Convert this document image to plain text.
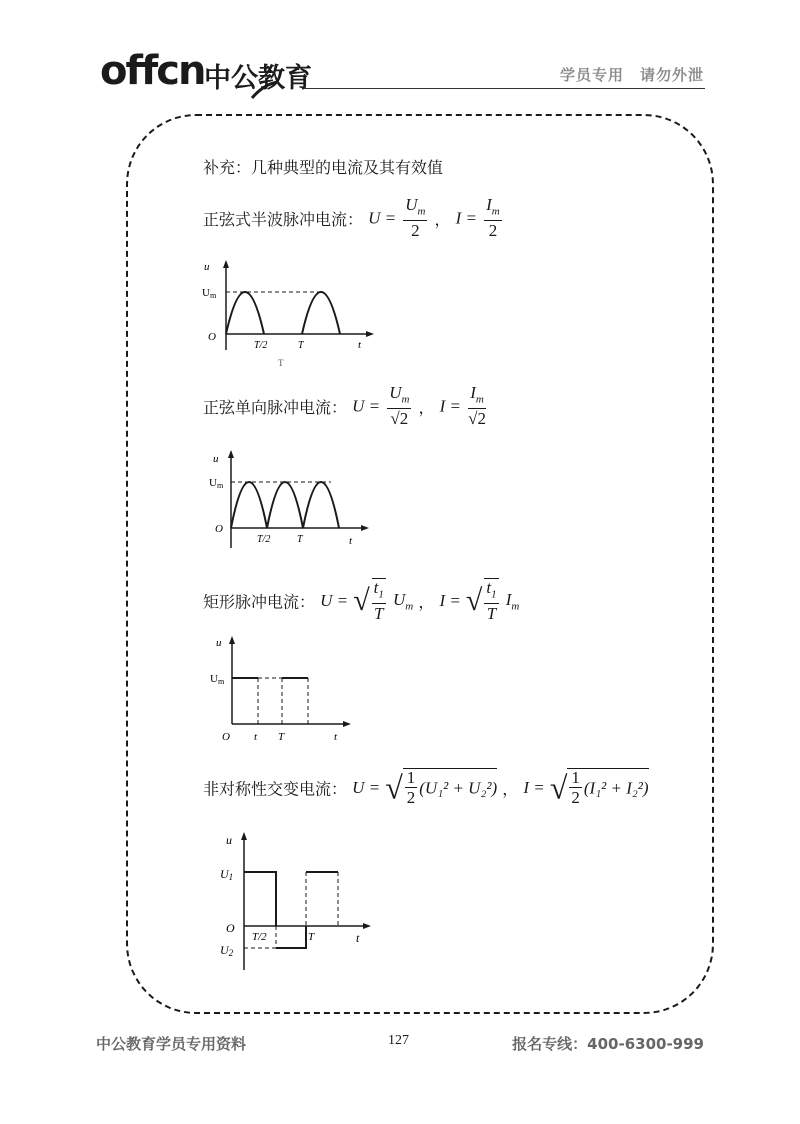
offcn 中公教育	学员专用　请勿外泄
补充：几种典型的电流及其有效值
正弦式半波脉冲电流： $U = \frac{U_m}{2}$ ， $I = \frac{I_m}{2}$
u
Um
O
T/2	T	t
T
正弦单向脉冲电流： $U = \frac{U_m}{√2}$ ， $I = \frac{I_m}{√2}$
u
Um
O
T/2	T	t
矩形脉冲电流： U = √ $\frac{t_1}{T} U_m$ ， I = √ $\frac{t_1}{T} I_m$
u
Um
O t T	t
非对称性交变电流： U = √ $\frac{1}{2} (U_1^2 + U_2^2)$ ， I = √ $\frac{1}{2} (I_1^2 + I_2^2)$
u
U1
O
U2
T/2	T	t
中公教育学员专用资料	127	报名专线：400-6300-999
